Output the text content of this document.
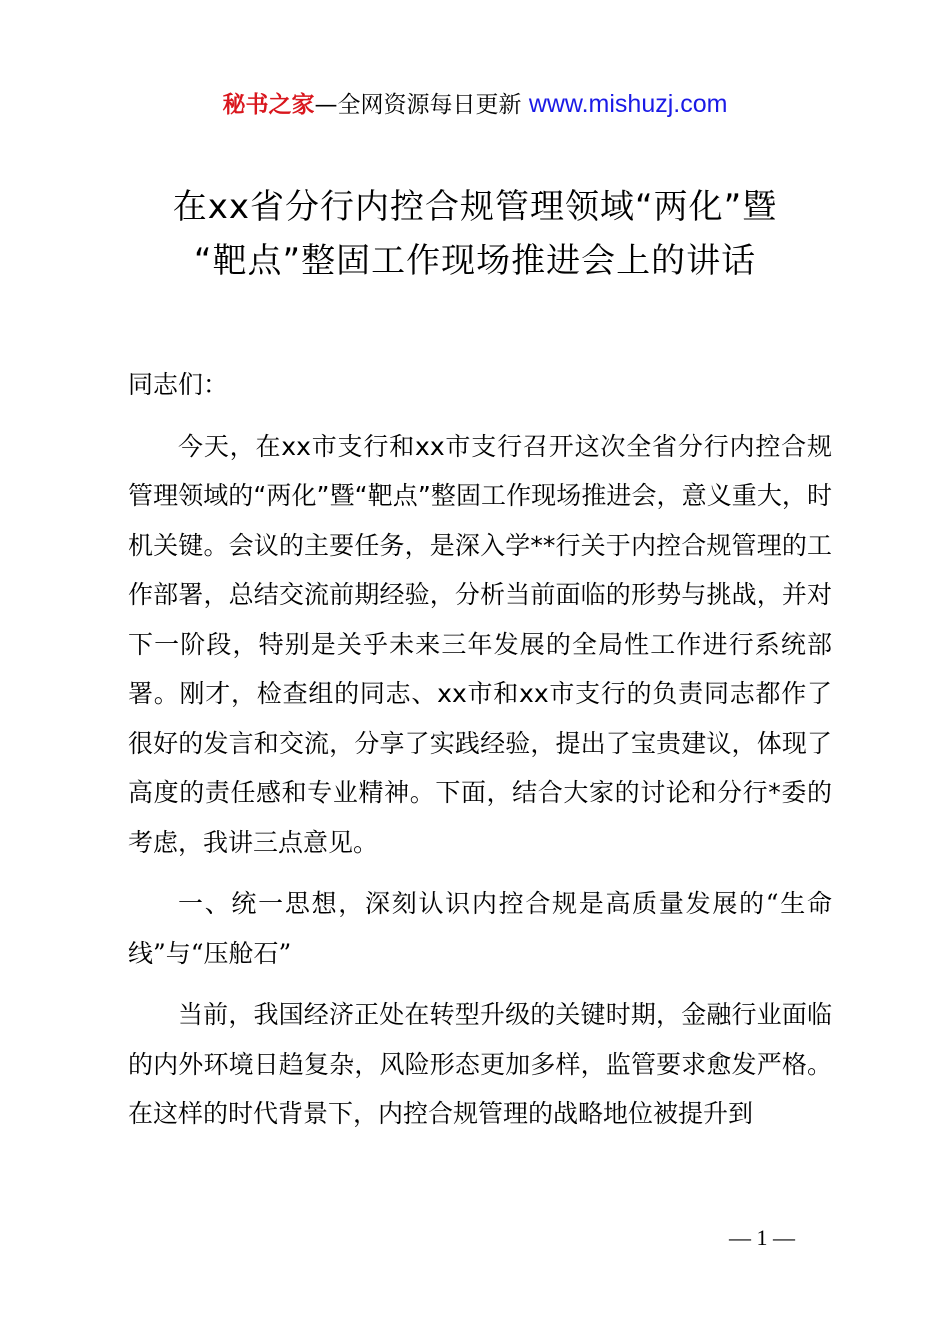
秘书之家—全网资源每日更新 www.mishuzj.com
在xx省分行内控合规管理领域“两化”暨
“靶点”整固工作现场推进会上的讲话

同志们：

今天，在xx市支行和xx市支行召开这次全省分行内控合规管理领域的“两化”暨“靶点”整固工作现场推进会，意义重大，时机关键。会议的主要任务，是深入学**行关于内控合规管理的工作部署，总结交流前期经验，分析当前面临的形势与挑战，并对下一阶段，特别是关乎未来三年发展的全局性工作进行系统部署。刚才，检查组的同志、xx市和xx市支行的负责同志都作了很好的发言和交流，分享了实践经验，提出了宝贵建议，体现了高度的责任感和专业精神。下面，结合大家的讨论和分行*委的考虑，我讲三点意见。

一、统一思想，深刻认识内控合规是高质量发展的“生命线”与“压舱石”

当前，我国经济正处在转型升级的关键时期，金融行业面临的内外环境日趋复杂，风险形态更加多样，监管要求愈发严格。在这样的时代背景下，内控合规管理的战略地位被提升到

— 1 —
